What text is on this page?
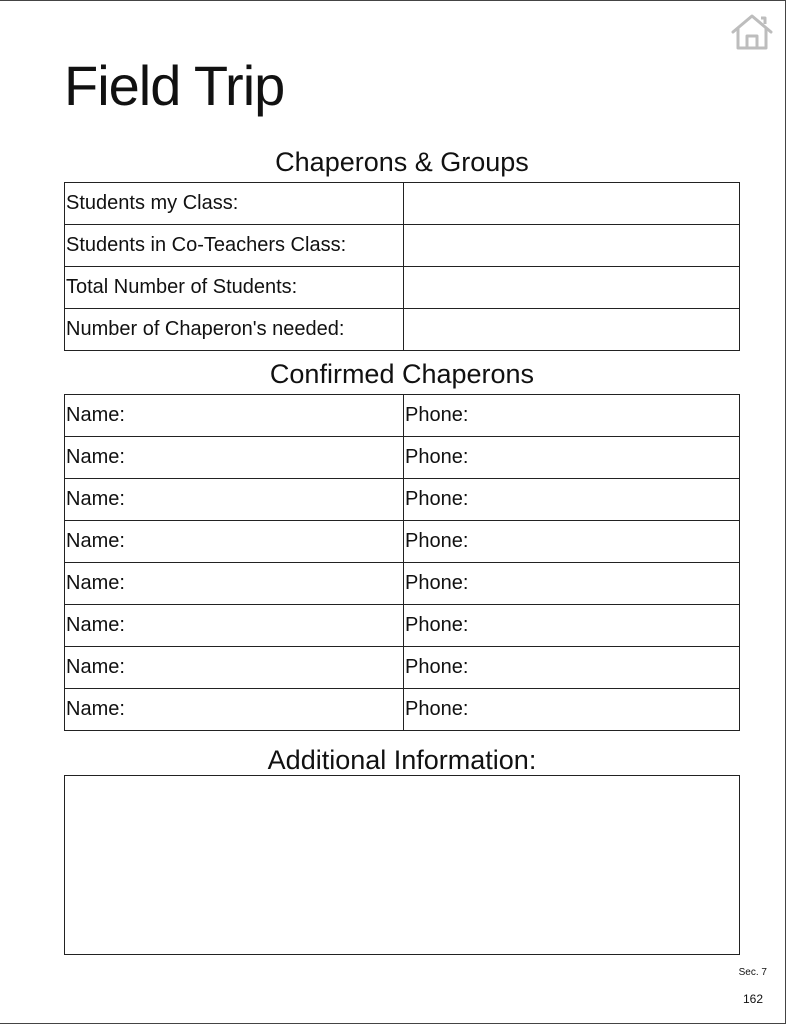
Field Trip
Chaperons & Groups
Students my Class:	
Students in Co-Teachers Class:	
Total Number of Students:	
Number of Chaperon's needed:	
Confirmed Chaperons
Name:	Phone:
Name:	Phone:
Name:	Phone:
Name:	Phone:
Name:	Phone:
Name:	Phone:
Name:	Phone:
Name:	Phone:
Additional Information:
Sec. 7
162
